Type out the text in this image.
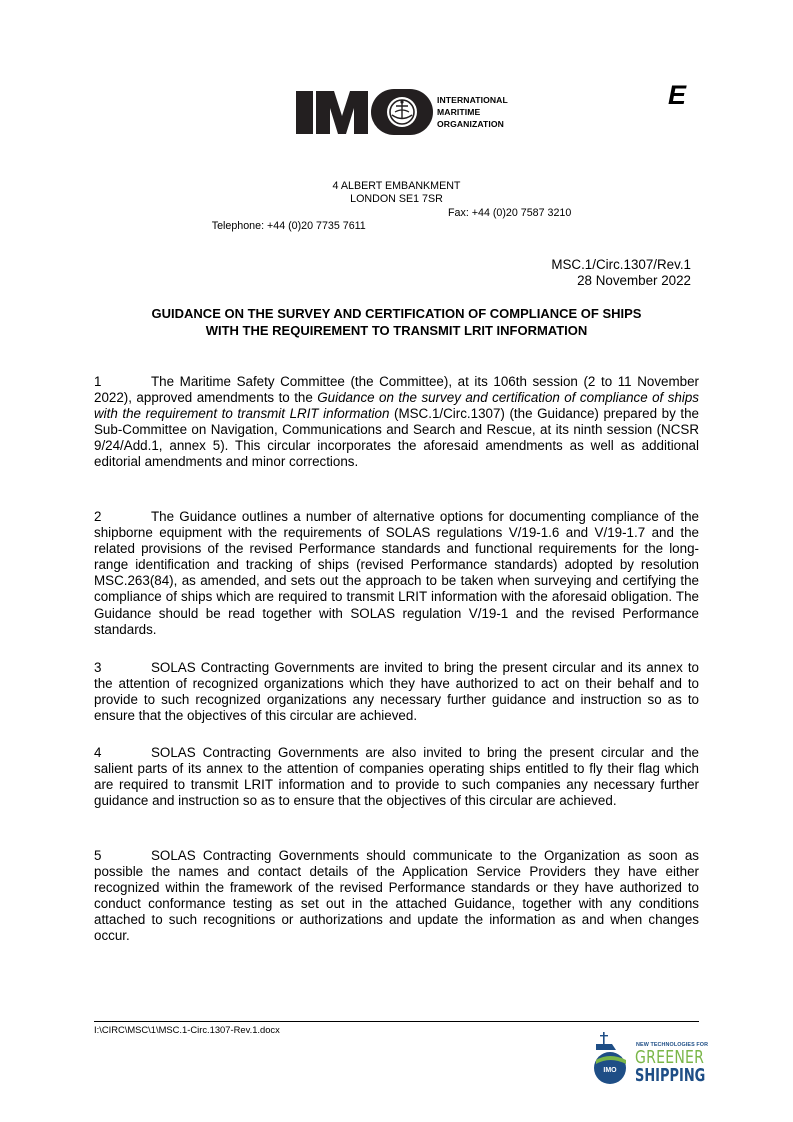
INTERNATIONAL
MARITIME
ORGANIZATION
E
4 ALBERT EMBANKMENT
LONDON SE1 7SR

Telephone: +44 (0)20 7735 7611

Fax: +44 (0)20 7587 3210

MSC.1/Circ.1307/Rev.1
28 November 2022
GUIDANCE ON THE SURVEY AND CERTIFICATION OF COMPLIANCE OF SHIPS
WITH THE REQUIREMENT TO TRANSMIT LRIT INFORMATION
1	The Maritime Safety Committee (the Committee), at its 106th session (2 to 11 November 2022), approved amendments to the Guidance on the survey and certification of compliance of ships with the requirement to transmit LRIT information (MSC.1/Circ.1307) (the Guidance) prepared by the Sub-Committee on Navigation, Communications and Search and Rescue, at its ninth session (NCSR 9/24/Add.1, annex 5). This circular incorporates the aforesaid amendments as well as additional editorial amendments and minor corrections.
2	The Guidance outlines a number of alternative options for documenting compliance of the shipborne equipment with the requirements of SOLAS regulations V/19-1.6 and V/19-1.7 and the related provisions of the revised Performance standards and functional requirements for the long-range identification and tracking of ships (revised Performance standards) adopted by resolution MSC.263(84), as amended, and sets out the approach to be taken when surveying and certifying the compliance of ships which are required to transmit LRIT information with the aforesaid obligation. The Guidance should be read together with SOLAS regulation V/19-1 and the revised Performance standards.
3	SOLAS Contracting Governments are invited to bring the present circular and its annex to the attention of recognized organizations which they have authorized to act on their behalf and to provide to such recognized organizations any necessary further guidance and instruction so as to ensure that the objectives of this circular are achieved.
4	SOLAS Contracting Governments are also invited to bring the present circular and the salient parts of its annex to the attention of companies operating ships entitled to fly their flag which are required to transmit LRIT information and to provide to such companies any necessary further guidance and instruction so as to ensure that the objectives of this circular are achieved.
5	SOLAS Contracting Governments should communicate to the Organization as soon as possible the names and contact details of the Application Service Providers they have either recognized within the framework of the revised Performance standards or they have authorized to conduct conformance testing as set out in the attached Guidance, together with any conditions attached to such recognitions or authorizations and update the information as and when changes occur.
I:\CIRC\MSC\1\MSC.1-Circ.1307-Rev.1.docx
IMO
NEW TECHNOLOGIES FOR
GREENER
SHIPPING
